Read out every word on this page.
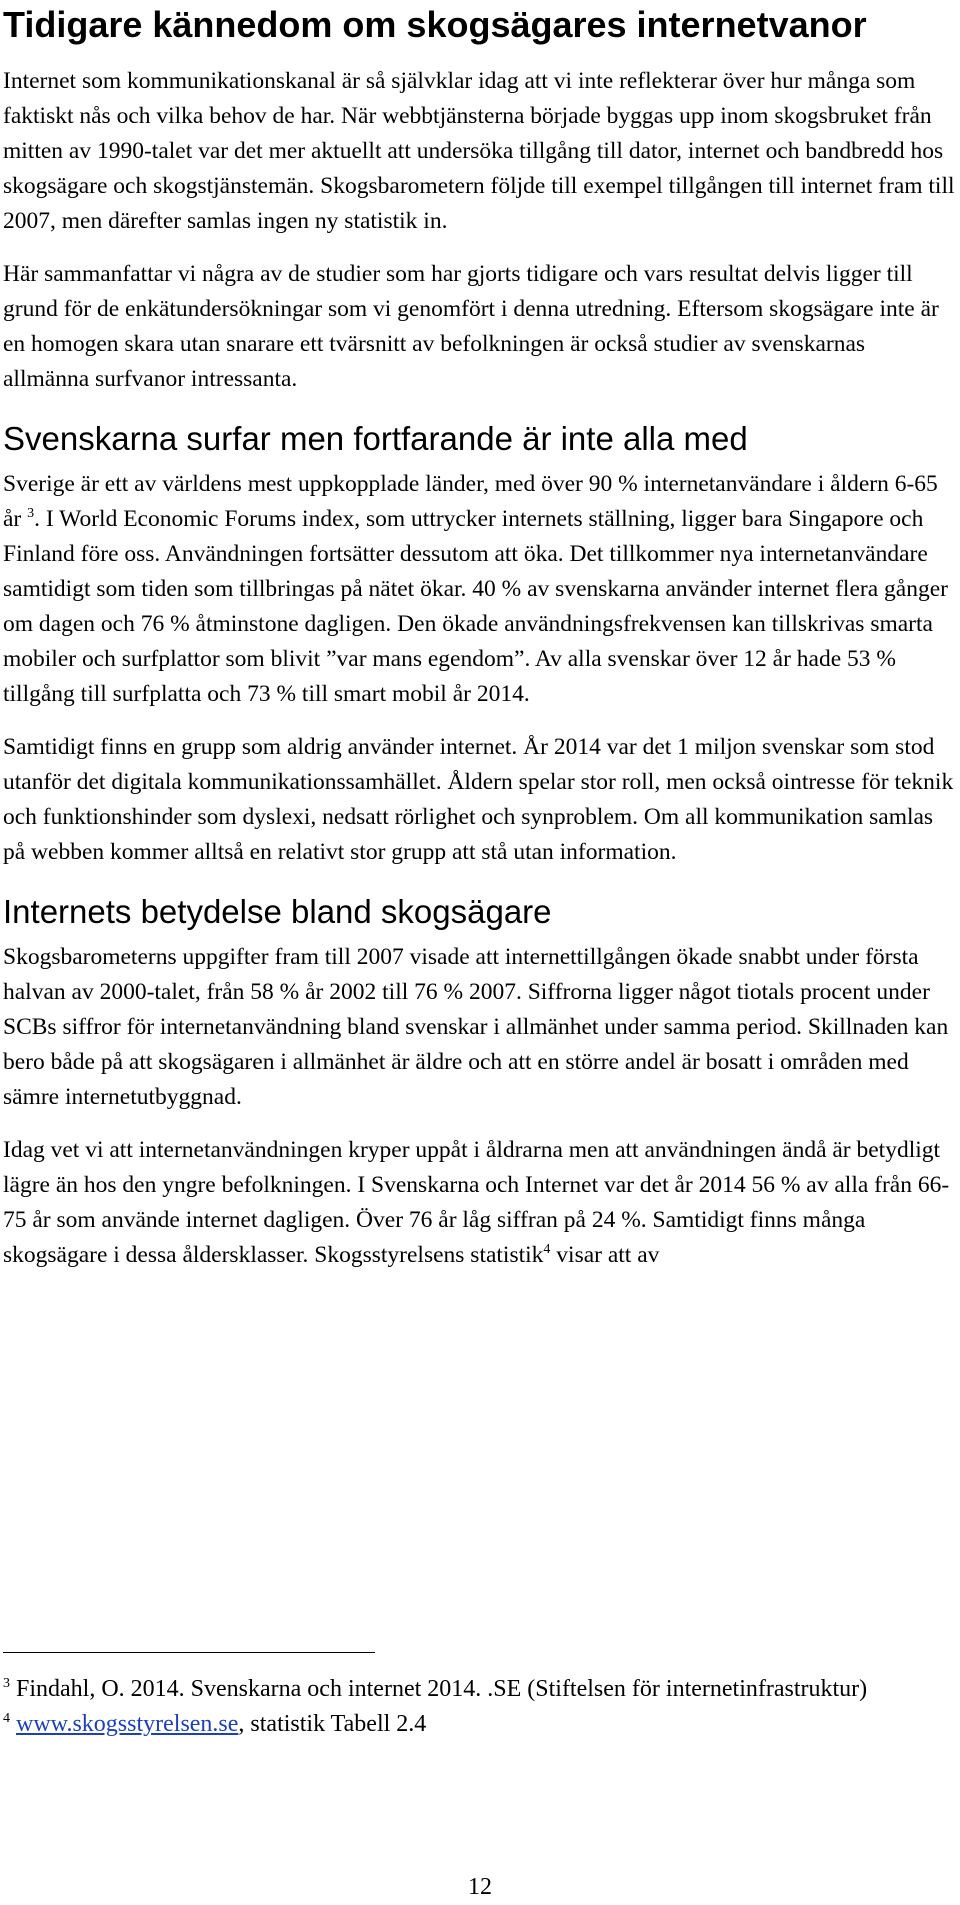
Tidigare kännedom om skogsägares internetvanor

Internet som kommunikationskanal är så självklar idag att vi inte reflekterar över hur många som faktiskt nås och vilka behov de har. När webbtjänsterna började byggas upp inom skogsbruket från mitten av 1990-talet var det mer aktuellt att undersöka tillgång till dator, internet och bandbredd hos skogsägare och skogstjänstemän. Skogsbarometern följde till exempel tillgången till internet fram till 2007, men därefter samlas ingen ny statistik in.

Här sammanfattar vi några av de studier som har gjorts tidigare och vars resultat delvis ligger till grund för de enkätundersökningar som vi genomfört i denna utredning. Eftersom skogsägare inte är en homogen skara utan snarare ett tvärsnitt av befolkningen är också studier av svenskarnas allmänna surfvanor intressanta.

Svenskarna surfar men fortfarande är inte alla med

Sverige är ett av världens mest uppkopplade länder, med över 90 % internetanvändare i åldern 6-65 år $^3$. I World Economic Forums index, som uttrycker internets ställning, ligger bara Singapore och Finland före oss. Användningen fortsätter dessutom att öka. Det tillkommer nya internetanvändare samtidigt som tiden som tillbringas på nätet ökar. 40 % av svenskarna använder internet flera gånger om dagen och 76 % åtminstone dagligen. Den ökade användningsfrekvensen kan tillskrivas smarta mobiler och surfplattor som blivit ”var mans egendom”. Av alla svenskar över 12 år hade 53 % tillgång till surfplatta och 73 % till smart mobil år 2014.

Samtidigt finns en grupp som aldrig använder internet. År 2014 var det 1 miljon svenskar som stod utanför det digitala kommunikationssamhället. Åldern spelar stor roll, men också ointresse för teknik och funktionshinder som dyslexi, nedsatt rörlighet och synproblem. Om all kommunikation samlas på webben kommer alltså en relativt stor grupp att stå utan information.

Internets betydelse bland skogsägare

Skogsbarometerns uppgifter fram till 2007 visade att internettillgången ökade snabbt under första halvan av 2000-talet, från 58 % år 2002 till 76 % 2007. Siffrorna ligger något tiotals procent under SCBs siffror för internetanvändning bland svenskar i allmänhet under samma period. Skillnaden kan bero både på att skogsägaren i allmänhet är äldre och att en större andel är bosatt i områden med sämre internetutbyggnad.

Idag vet vi att internetanvändningen kryper uppåt i åldrarna men att användningen ändå är betydligt lägre än hos den yngre befolkningen. I Svenskarna och Internet var det år 2014 56 % av alla från 66-75 år som använde internet dagligen. Över 76 år låg siffran på 24 %. Samtidigt finns många skogsägare i dessa åldersklasser. Skogsstyrelsens statistik$^4$ visar att av

$^3$ Findahl, O. 2014. Svenskarna och internet 2014. .SE (Stiftelsen för internetinfrastruktur)

$^4$ www.skogsstyrelsen.se, statistik Tabell 2.4

12
